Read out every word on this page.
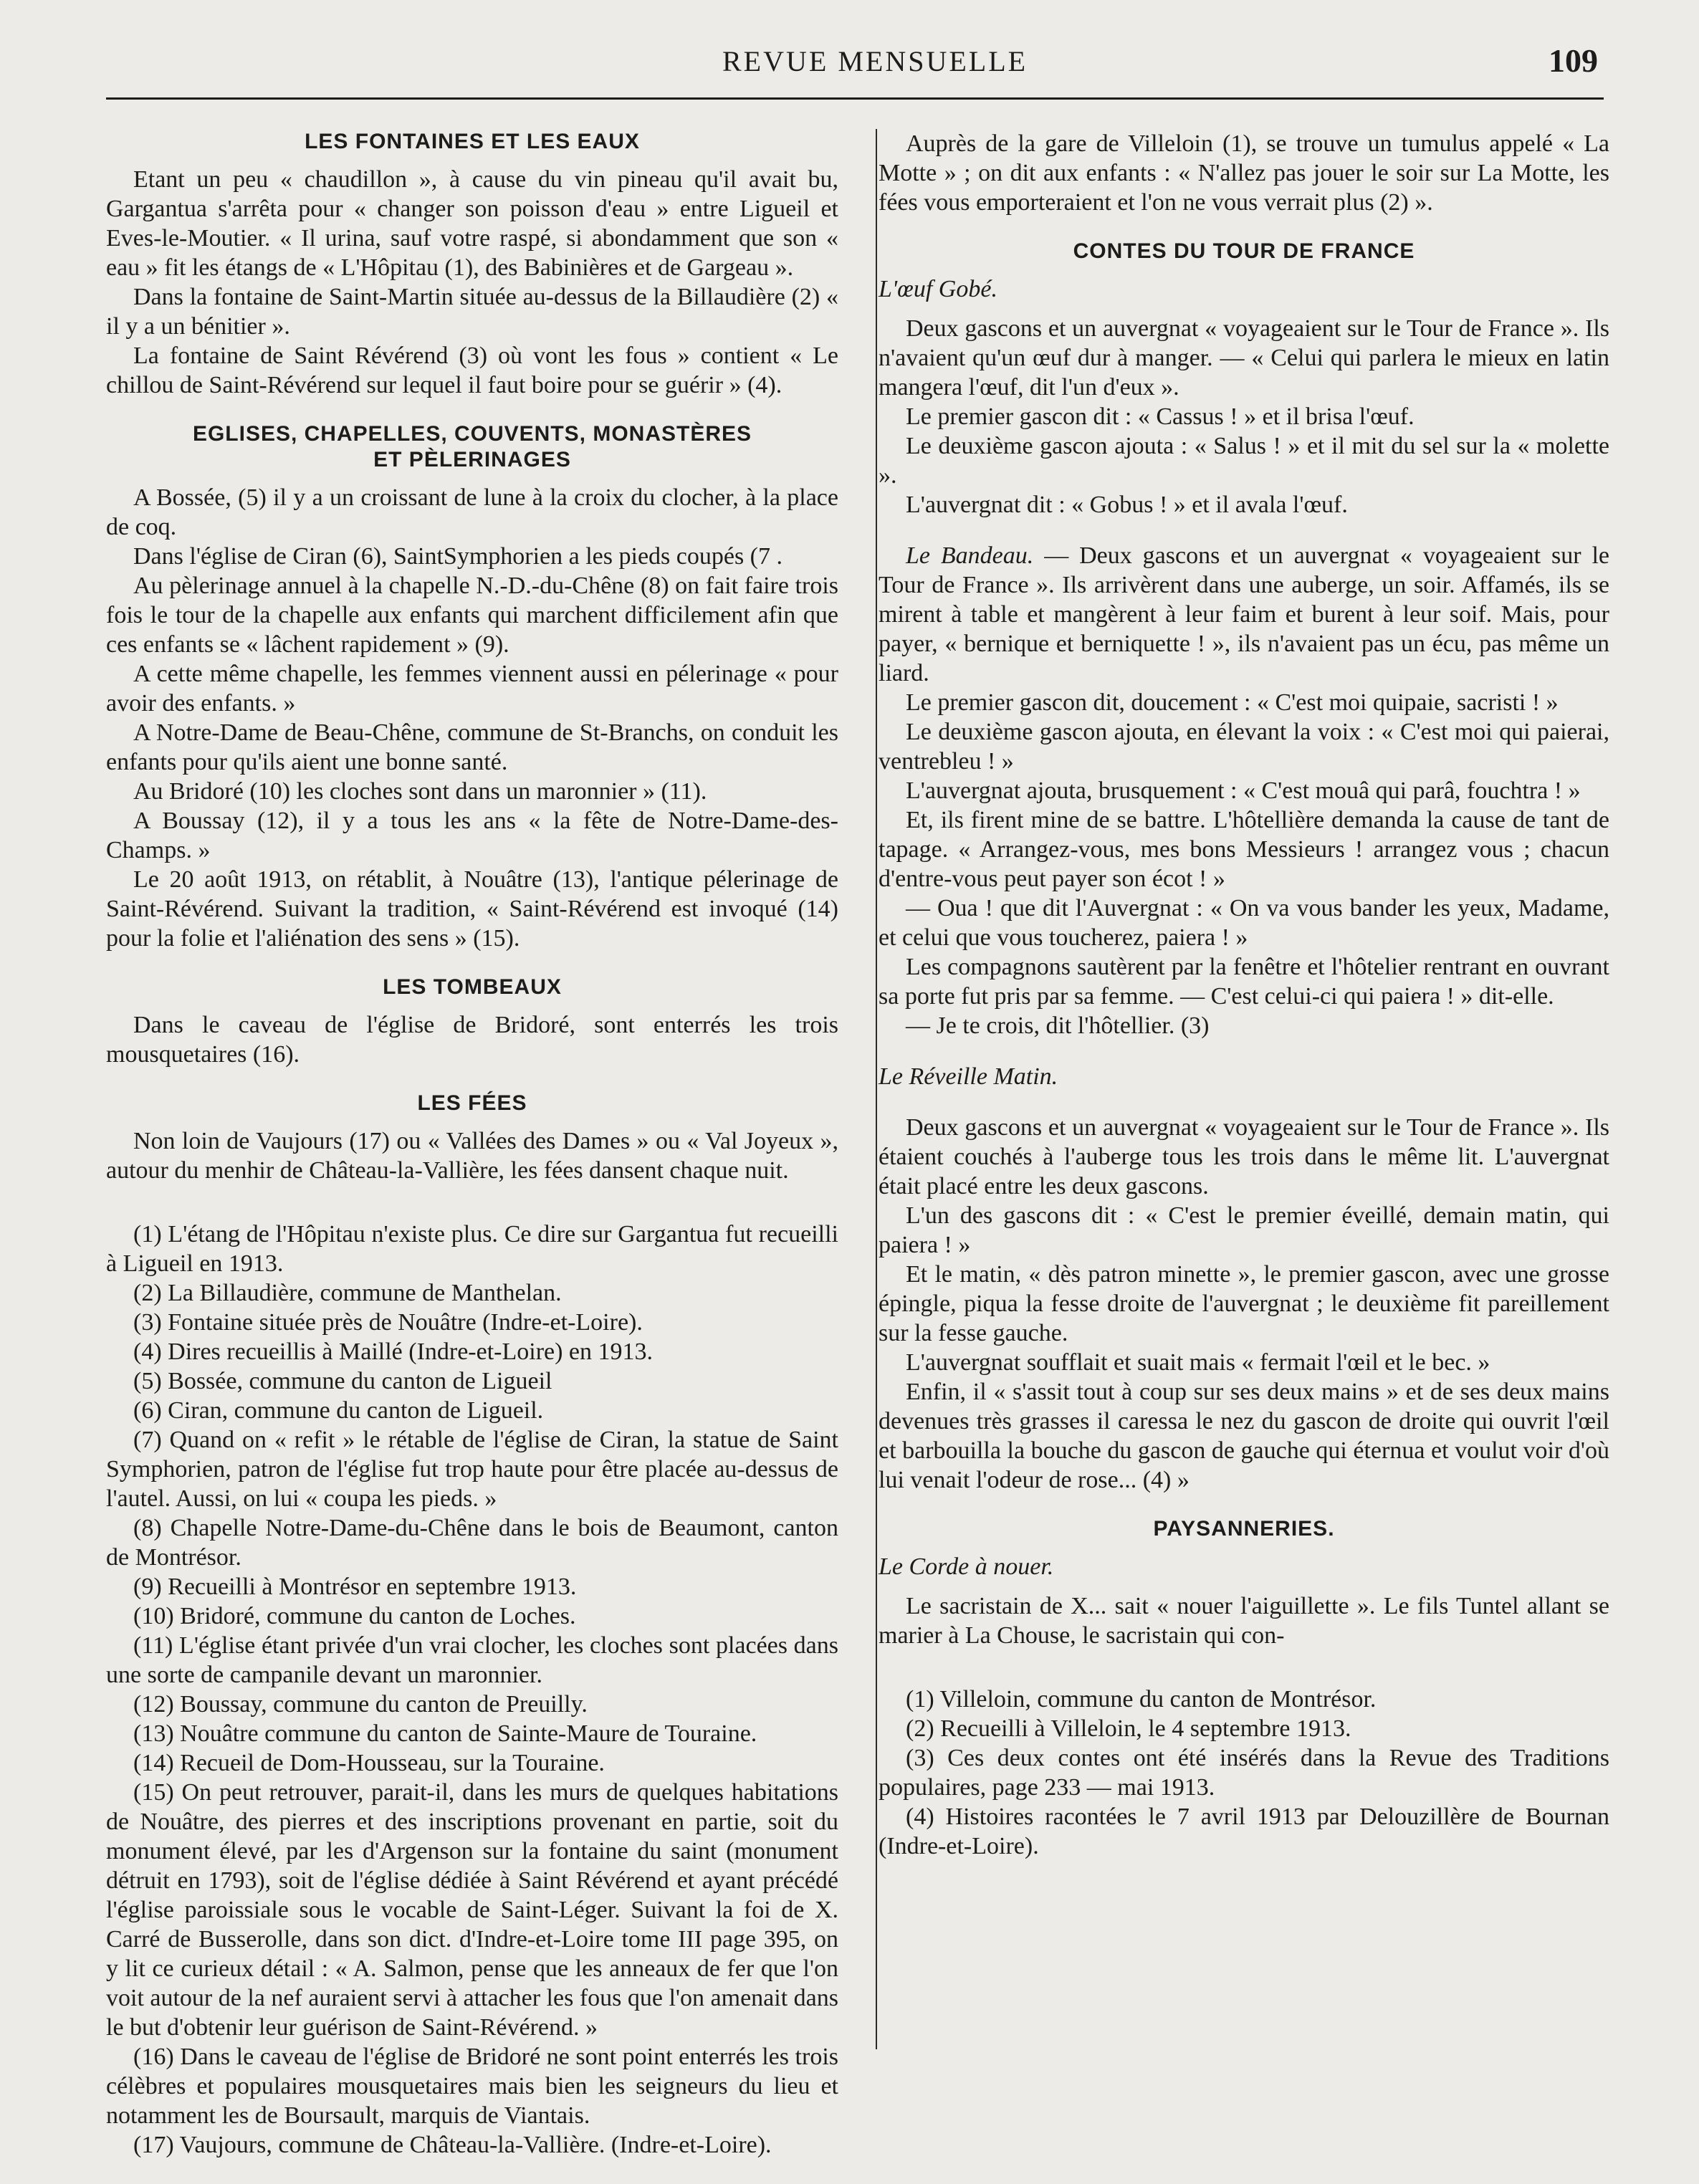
REVUE MENSUELLE	109
LES FONTAINES ET LES EAUX

Etant un peu « chaudillon », à cause du vin pineau qu'il avait bu, Gargantua s'arrêta pour « changer son poisson d'eau » entre Ligueil et Eves-le-Moutier. « Il urina, sauf votre raspé, si abondamment que son « eau » fit les étangs de « L'Hôpitau (1), des Babinières et de Gargeau ».

Dans la fontaine de Saint-Martin située au-dessus de la Billaudière (2) « il y a un bénitier ».

La fontaine de Saint Révérend (3) où vont les fous » contient « Le chillou de Saint-Révérend sur lequel il faut boire pour se guérir » (4).

EGLISES, CHAPELLES, COUVENTS, MONASTÈRES
ET PÈLERINAGES

A Bossée, (5) il y a un croissant de lune à la croix du clocher, à la place de coq.

Dans l'église de Ciran (6), SaintSymphorien a les pieds coupés (7 .

Au pèlerinage annuel à la chapelle N.-D.-du-Chêne (8) on fait faire trois fois le tour de la chapelle aux enfants qui marchent difficilement afin que ces enfants se « lâchent rapidement » (9).

A cette même chapelle, les femmes viennent aussi en pélerinage « pour avoir des enfants. »

A Notre-Dame de Beau-Chêne, commune de St-Branchs, on conduit les enfants pour qu'ils aient une bonne santé.

Au Bridoré (10) les cloches sont dans un maronnier » (11).

A Boussay (12), il y a tous les ans « la fête de Notre-Dame-des-Champs. »

Le 20 août 1913, on rétablit, à Nouâtre (13), l'antique pélerinage de Saint-Révérend. Suivant la tradition, « Saint-Révérend est invoqué (14) pour la folie et l'aliénation des sens » (15).

LES TOMBEAUX

Dans le caveau de l'église de Bridoré, sont enterrés les trois mousquetaires (16).

LES FÉES

Non loin de Vaujours (17) ou « Vallées des Dames » ou « Val Joyeux », autour du menhir de Château-la-Vallière, les fées dansent chaque nuit.

(1) L'étang de l'Hôpitau n'existe plus. Ce dire sur Gargantua fut recueilli à Ligueil en 1913.

(2) La Billaudière, commune de Manthelan.

(3) Fontaine située près de Nouâtre (Indre-et-Loire).

(4) Dires recueillis à Maillé (Indre-et-Loire) en 1913.

(5) Bossée, commune du canton de Ligueil

(6) Ciran, commune du canton de Ligueil.

(7) Quand on « refit » le rétable de l'église de Ciran, la statue de Saint Symphorien, patron de l'église fut trop haute pour être placée au-dessus de l'autel. Aussi, on lui « coupa les pieds. »

(8) Chapelle Notre-Dame-du-Chêne dans le bois de Beaumont, canton de Montrésor.

(9) Recueilli à Montrésor en septembre 1913.

(10) Bridoré, commune du canton de Loches.

(11) L'église étant privée d'un vrai clocher, les cloches sont placées dans une sorte de campanile devant un maronnier.

(12) Boussay, commune du canton de Preuilly.

(13) Nouâtre commune du canton de Sainte-Maure de Touraine.

(14) Recueil de Dom-Housseau, sur la Touraine.

(15) On peut retrouver, parait-il, dans les murs de quelques habitations de Nouâtre, des pierres et des inscriptions provenant en partie, soit du monument élevé, par les d'Argenson sur la fontaine du saint (monument détruit en 1793), soit de l'église dédiée à Saint Révérend et ayant précédé l'église paroissiale sous le vocable de Saint-Léger. Suivant la foi de X. Carré de Busserolle, dans son dict. d'Indre-et-Loire tome III page 395, on y lit ce curieux détail : « A. Salmon, pense que les anneaux de fer que l'on voit autour de la nef auraient servi à attacher les fous que l'on amenait dans le but d'obtenir leur guérison de Saint-Révérend. »

(16) Dans le caveau de l'église de Bridoré ne sont point enterrés les trois célèbres et populaires mousquetaires mais bien les seigneurs du lieu et notamment les de Boursault, marquis de Viantais.

(17) Vaujours, commune de Château-la-Vallière. (Indre-et-Loire).

Auprès de la gare de Villeloin (1), se trouve un tumulus appelé « La Motte » ; on dit aux enfants : « N'allez pas jouer le soir sur La Motte, les fées vous emporteraient et l'on ne vous verrait plus (2) ».

CONTES DU TOUR DE FRANCE

L'œuf Gobé.

Deux gascons et un auvergnat « voyageaient sur le Tour de France ». Ils n'avaient qu'un œuf dur à manger. — « Celui qui parlera le mieux en latin mangera l'œuf, dit l'un d'eux ».

Le premier gascon dit : « Cassus ! » et il brisa l'œuf.

Le deuxième gascon ajouta : « Salus ! » et il mit du sel sur la « molette ».

L'auvergnat dit : « Gobus ! » et il avala l'œuf.

Le Bandeau. — Deux gascons et un auvergnat « voyageaient sur le Tour de France ». Ils arrivèrent dans une auberge, un soir. Affamés, ils se mirent à table et mangèrent à leur faim et burent à leur soif. Mais, pour payer, « bernique et berniquette ! », ils n'avaient pas un écu, pas même un liard.

Le premier gascon dit, doucement : « C'est moi quipaie, sacristi ! »

Le deuxième gascon ajouta, en élevant la voix : « C'est moi qui paierai, ventrebleu ! »

L'auvergnat ajouta, brusquement : « C'est mouâ qui parâ, fouchtra ! »

Et, ils firent mine de se battre. L'hôtellière demanda la cause de tant de tapage. « Arrangez-vous, mes bons Messieurs ! arrangez vous ; chacun d'entre-vous peut payer son écot ! »

— Oua ! que dit l'Auvergnat : « On va vous bander les yeux, Madame, et celui que vous toucherez, paiera ! »

Les compagnons sautèrent par la fenêtre et l'hôtelier rentrant en ouvrant sa porte fut pris par sa femme. — C'est celui-ci qui paiera ! » dit-elle.

— Je te crois, dit l'hôtellier. (3)

Le Réveille Matin.

Deux gascons et un auvergnat « voyageaient sur le Tour de France ». Ils étaient couchés à l'auberge tous les trois dans le même lit. L'auvergnat était placé entre les deux gascons.

L'un des gascons dit : « C'est le premier éveillé, demain matin, qui paiera ! »

Et le matin, « dès patron minette », le premier gascon, avec une grosse épingle, piqua la fesse droite de l'auvergnat ; le deuxième fit pareillement sur la fesse gauche.

L'auvergnat soufflait et suait mais « fermait l'œil et le bec. »

Enfin, il « s'assit tout à coup sur ses deux mains » et de ses deux mains devenues très grasses il caressa le nez du gascon de droite qui ouvrit l'œil et barbouilla la bouche du gascon de gauche qui éternua et voulut voir d'où lui venait l'odeur de rose... (4) »

PAYSANNERIES.

Le Corde à nouer.

Le sacristain de X... sait « nouer l'aiguillette ». Le fils Tuntel allant se marier à La Chouse, le sacristain qui con-

(1) Villeloin, commune du canton de Montrésor.

(2) Recueilli à Villeloin, le 4 septembre 1913.

(3) Ces deux contes ont été insérés dans la Revue des Traditions populaires, page 233 — mai 1913.

(4) Histoires racontées le 7 avril 1913 par Delouzillère de Bournan (Indre-et-Loire).
